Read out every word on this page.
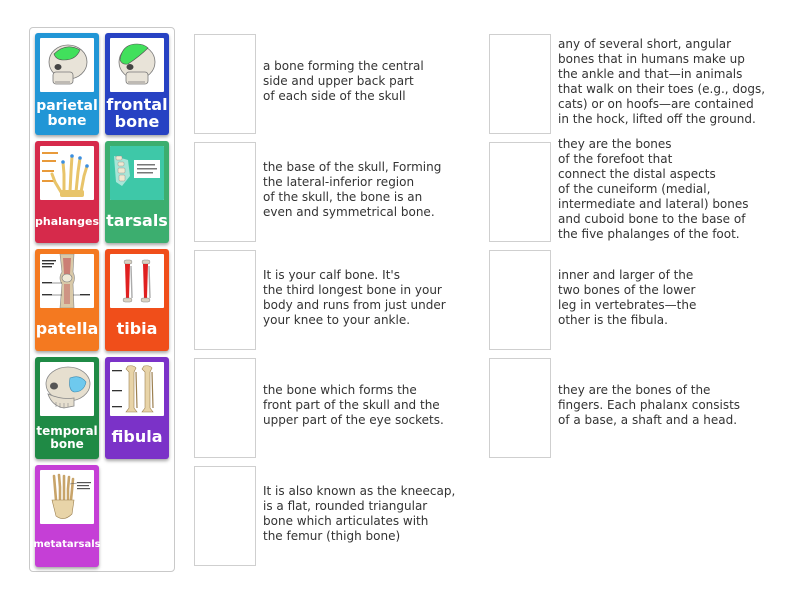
parietal bone
frontal bone
phalanges tarsals
patella	tibia
temporal bone	fibula
metatarsals
a bone forming the central
side and upper back part
of each side of the skull
the base of the skull, Forming
the lateral-inferior region
of the skull, the bone is an
even and symmetrical bone.
It is your calf bone. It's
the third longest bone in your
body and runs from just under
your knee to your ankle.
the bone which forms the
front part of the skull and the
upper part of the eye sockets.
It is also known as the kneecap,
is a flat, rounded triangular
bone which articulates with
the femur (thigh bone)
any of several short, angular
bones that in humans make up
the ankle and that—in animals
that walk on their toes (e.g., dogs,
cats) or on hoofs—are contained
in the hock, lifted off the ground.
they are the bones
of the forefoot that
connect the distal aspects
of the cuneiform (medial,
intermediate and lateral) bones
and cuboid bone to the base of
the five phalanges of the foot.
inner and larger of the
two bones of the lower
leg in vertebrates—the
other is the fibula.
they are the bones of the
fingers. Each phalanx consists
of a base, a shaft and a head.
